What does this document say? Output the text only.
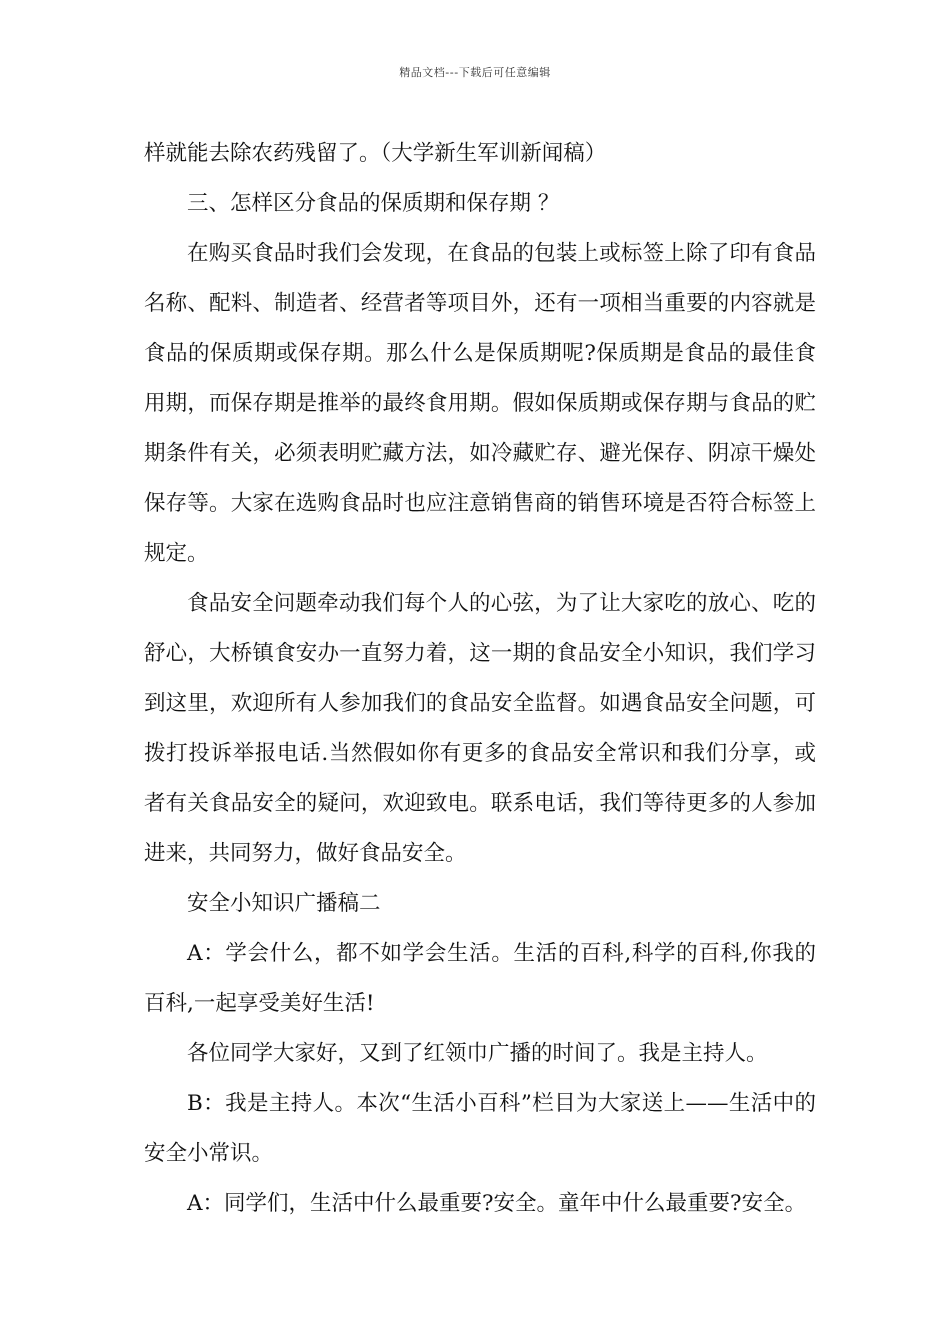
精品文档---下载后可任意编辑

样就能去除农药残留了。（大学新生军训新闻稿）

三、怎样区分食品的保质期和保存期 ？

在购买食品时我们会发现，在食品的包装上或标签上除了印有食品名称、配料、制造者、经营者等项目外，还有一项相当重要的内容就是食品的保质期或保存期。那么什么是保质期呢?保质期是食品的最佳食用期，而保存期是推举的最终食用期。假如保质期或保存期与食品的贮期条件有关，必须表明贮藏方法，如冷藏贮存、避光保存、阴凉干燥处保存等。大家在选购食品时也应注意销售商的销售环境是否符合标签上规定。

食品安全问题牵动我们每个人的心弦，为了让大家吃的放心、吃的舒心，大桥镇食安办一直努力着，这一期的食品安全小知识，我们学习到这里，欢迎所有人参加我们的食品安全监督。如遇食品安全问题，可拨打投诉举报电话.当然假如你有更多的食品安全常识和我们分享，或者有关食品安全的疑问，欢迎致电。联系电话，我们等待更多的人参加进来，共同努力，做好食品安全。

安全小知识广播稿二

A：学会什么，都不如学会生活。生活的百科,科学的百科,你我的百科,一起享受美好生活!

各位同学大家好，又到了红领巾广播的时间了。我是主持人。

B：我是主持人。本次“生活小百科”栏目为大家送上——生活中的安全小常识。

A：同学们，生活中什么最重要?安全。童年中什么最重要?安全。
